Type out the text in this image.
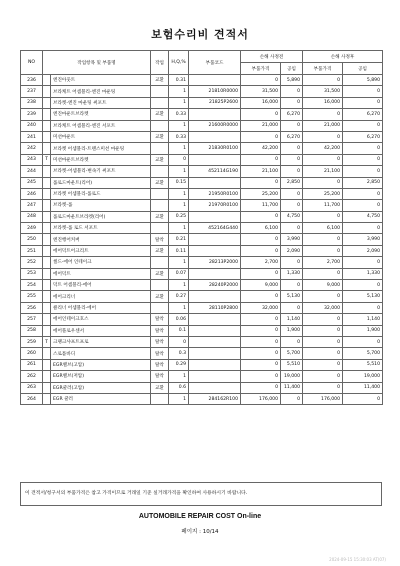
보험수리비 견적서
NO	작업항목 및 부품명		작업	H,Q,%	부품코드	손해 사정전		손해 사정후	
						부품가격	공임	부품가격	공임
236		엔진아웃트	교환	0.31		0	5,890	0	5,890
237		브라케트 어셈블리-엔진 마운팅		1	21810R0000	31,500	0	31,500	0
238		브라켓-엔진 마운팅 써포트		1	21825P2600	16,000	0	16,000	0
239		엔진마운트브라켓	교환	0.33		0	6,270	0	6,270
240		브라케트 어셈블리-엔진 서포트		1	21600R0000	21,000	0	21,000	0
241		미션마운트	교환	0.33		0	6,270	0	6,270
242		브라켓 어셈블리-트랜스미션 마운팅		1	21830R0100	42,200	0	42,200	0
243	T	미션마운트브라켓	교환	0		0	0	0	0
244		브라켓-어셈블리-변속기 써포트		1	452114G190	21,100	0	21,100	0
245		롤로드마운트(리어)	교환	0.15		0	2,850	0	2,850
246		브라켓 어셈블리-롤로드		1	21950R0100	25,200	0	25,200	0
247		브라켓-롤		1	21970R0100	11,700	0	11,700	0
248		롤로드마운트브라켓(리어)	교환	0.25		0	4,750	0	4,750
249		브라켓-롤 로드 서포트		1	452164G440	6,100	0	6,100	0
250		엔진행어커버	탈착	0.21		0	3,990	0	3,990
251		에어덕트어크리트	교환	0.11		0	2,090	0	2,090
252		씰드-에어 인테이크		1	28213P2000	2,700	0	2,700	0
253		에어덕트	교환	0.07		0	1,330	0	1,330
254		덕트 어셈블리-에어		1	28240P2000	9,000	0	9,000	0
255		에어크리너	교환	0.27		0	5,130	0	5,130
256		클리너 어셈블리-에어		1	28110P2800	32,000	0	32,000	0
257		에어인테이크호스	탈착	0.06		0	1,140	0	1,140
258		에어플로우센서	탈착	0.1		0	1,900	0	1,900
259	T	크랭크샤프트프로	탈착	0		0	0	0	0
260		스로틀바디	탈착	0.3		0	5,700	0	5,700
261		EGR밸브(고압)	탈착	0.29		0	5,510	0	5,510
262		EGR밸브(저압)	탈착	1		0	19,000	0	19,000
263		EGR쿨러(고압)	교환	0.6		0	11,400	0	11,400
264		EGR 쿨러		1	284162R100	176,000	0	176,000	0
이 견적서/청구서의 부품가격은 참고 가격이므로 거래일 기준 실거래가격을 확인하여 사용하시기 바랍니다.
AUTOMOBILE REPAIR COST On-line
페이지 : 10/14
2024-09-15 15:30:03 AT(07)
